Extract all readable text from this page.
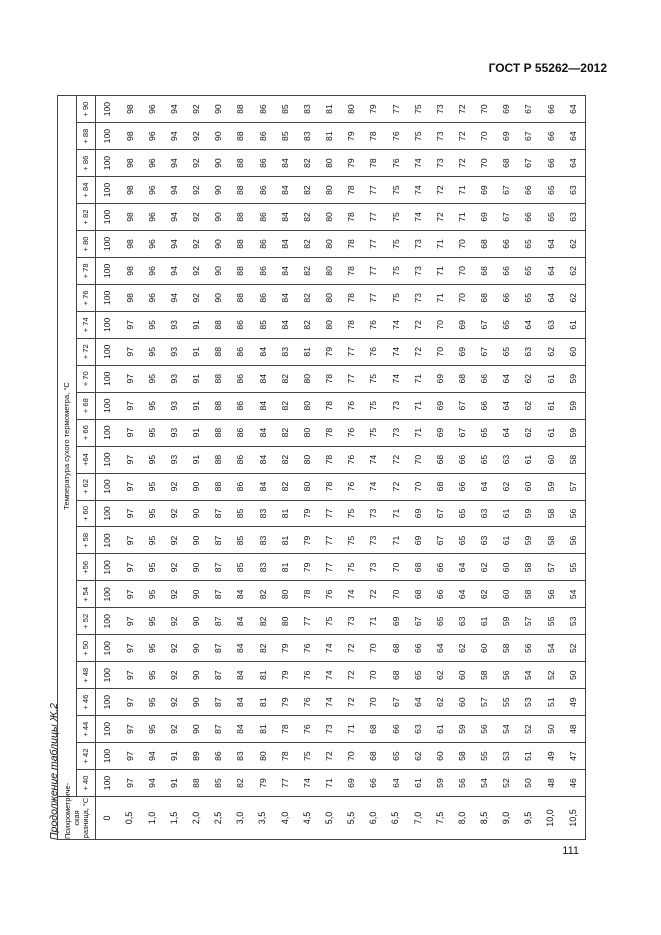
ГОСТ Р 55262—2012
Продолжение таблицы Ж.2 Психрометриче- ская разница, °С	Температура сухого термометра, °С																									
	+ 40	+ 42	+ 44	+ 46	+ 48	+ 50	+ 52	+ 54	+56	+ 58	+ 60	+ 62	+64	+ 66	+ 68	+ 70	+ 72	+ 74	+ 76	+ 78	+ 80	+ 82	+ 84	+ 86	+ 88	+ 90
0	100	100	100	100	100	100	100	100	100	100	100	100	100	100	100	100	100	100	100	100	100	100	100	100	100	100
0,5	97	97	97	97	97	97	97	97	97	97	97	97	97	97	97	97	97	97	98	98	98	98	98	98	98	98
1,0	94	94	95	95	95	95	95	95	95	95	95	95	95	95	95	95	95	95	96	96	96	96	96	96	96	96
1,5	91	91	92	92	92	92	92	92	92	92	92	92	93	93	93	93	93	93	94	94	94	94	94	94	94	94
2,0	88	89	90	90	90	90	90	90	90	90	90	90	91	91	91	91	91	91	92	92	92	92	92	92	92	92
2,5	85	86	87	87	87	87	87	87	87	87	87	88	88	88	88	88	88	88	90	90	90	90	90	90	90	90
3,0	82	83	84	84	84	84	84	84	85	85	85	86	86	86	86	86	86	86	88	88	88	88	88	88	88	88
3,5	79	80	81	81	81	82	82	82	83	83	83	84	84	84	84	84	84	85	86	86	86	86	86	86	86	86
4,0	77	78	78	79	79	79	80	80	81	81	81	82	82	82	82	82	83	84	84	84	84	84	84	84	85	85
4,5	74	75	76	76	76	76	77	78	79	79	79	80	80	80	80	80	81	82	82	82	82	82	82	82	83	83
5,0	71	72	73	74	74	74	75	76	77	77	77	78	78	78	78	78	79	80	80	80	80	80	80	80	81	81
5,5	69	70	71	72	72	72	73	74	75	75	75	76	76	76	76	77	77	78	78	78	78	78	78	79	79	80
6,0	66	68	68	70	70	70	71	72	73	73	73	74	74	75	75	75	76	76	77	77	77	77	77	78	78	79
6,5	64	65	66	67	68	68	69	70	70	71	71	72	72	73	73	74	74	74	75	75	75	75	75	76	76	77
7,0	61	62	63	64	65	66	67	68	68	69	69	70	70	71	71	71	72	72	73	73	73	74	74	74	75	75
7,5	59	60	61	62	62	64	65	66	66	67	67	68	68	69	69	69	70	70	71	71	71	72	72	73	73	73
8,0	56	58	59	60	60	62	63	64	64	65	65	66	66	67	67	68	69	69	70	70	70	71	71	72	72	72
8,5	54	55	56	57	58	60	61	62	62	63	63	64	65	65	66	66	67	67	68	68	68	69	69	70	70	70
9,0	52	53	54	55	56	58	59	60	60	61	61	62	63	64	64	64	65	65	66	66	66	67	67	68	69	69
9,5	50	51	52	53	54	56	57	58	58	59	59	60	61	62	62	62	63	64	65	65	65	66	66	67	67	67
10,0	48	49	50	51	52	54	55	56	57	58	58	59	60	61	61	61	62	63	64	64	64	65	65	66	66	66
10,5	46	47	48	49	50	52	53	54	55	56	56	57	58	59	59	59	60	61	62	62	62	63	63	64	64	64
111
